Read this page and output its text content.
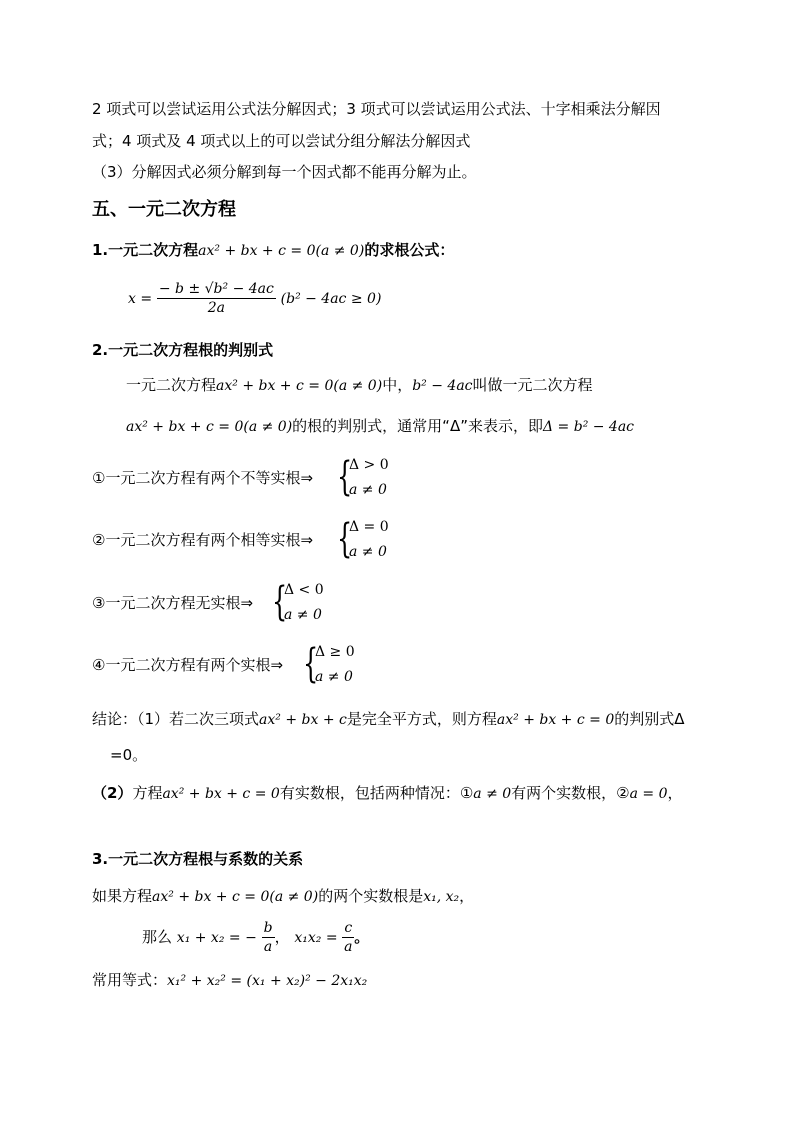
2 项式可以尝试运用公式法分解因式；3 项式可以尝试运用公式法、十字相乘法分解因
式；4 项式及 4 项式以上的可以尝试分组分解法分解因式
（3）分解因式必须分解到每一个因式都不能再分解为止。
五、一元二次方程
1.一元二次方程ax² + bx + c = 0(a ≠ 0)的求根公式：
$x = \frac{\text{− b ± √b² − 4ac}}{2a} (b^2 - 4ac \ge 0)$
2.一元二次方程根的判别式
一元二次方程ax² + bx + c = 0(a ≠ 0)中，b² − 4ac叫做一元二次方程
ax² + bx + c = 0(a ≠ 0)的根的判别式，通常用“Δ”来表示，即Δ = b² − 4ac
①一元二次方程有两个不等实根⇒ {
Δ > 0
a ≠ 0
②一元二次方程有两个相等实根⇒ {
Δ = 0
a ≠ 0
③一元二次方程无实根⇒ {
Δ < 0
a ≠ 0
④一元二次方程有两个实根⇒ {
Δ ≥ 0
a ≠ 0
结论：（1）若二次三项式ax² + bx + c是完全平方式，则方程ax² + bx + c = 0的判别式Δ
=0。
（2）方程ax² + bx + c = 0有实数根，包括两种情况：①a ≠ 0有两个实数根，②a = 0，
3.一元二次方程根与系数的关系
如果方程ax² + bx + c = 0(a ≠ 0)的两个实数根是x₁, x₂，
那么 x₁ + x₂ = − $\frac{b}{a}$ ， $x_1x_2 = \frac{c}{a}$ 。
常用等式：x₁² + x₂² = (x₁ + x₂)² − 2x₁x₂
